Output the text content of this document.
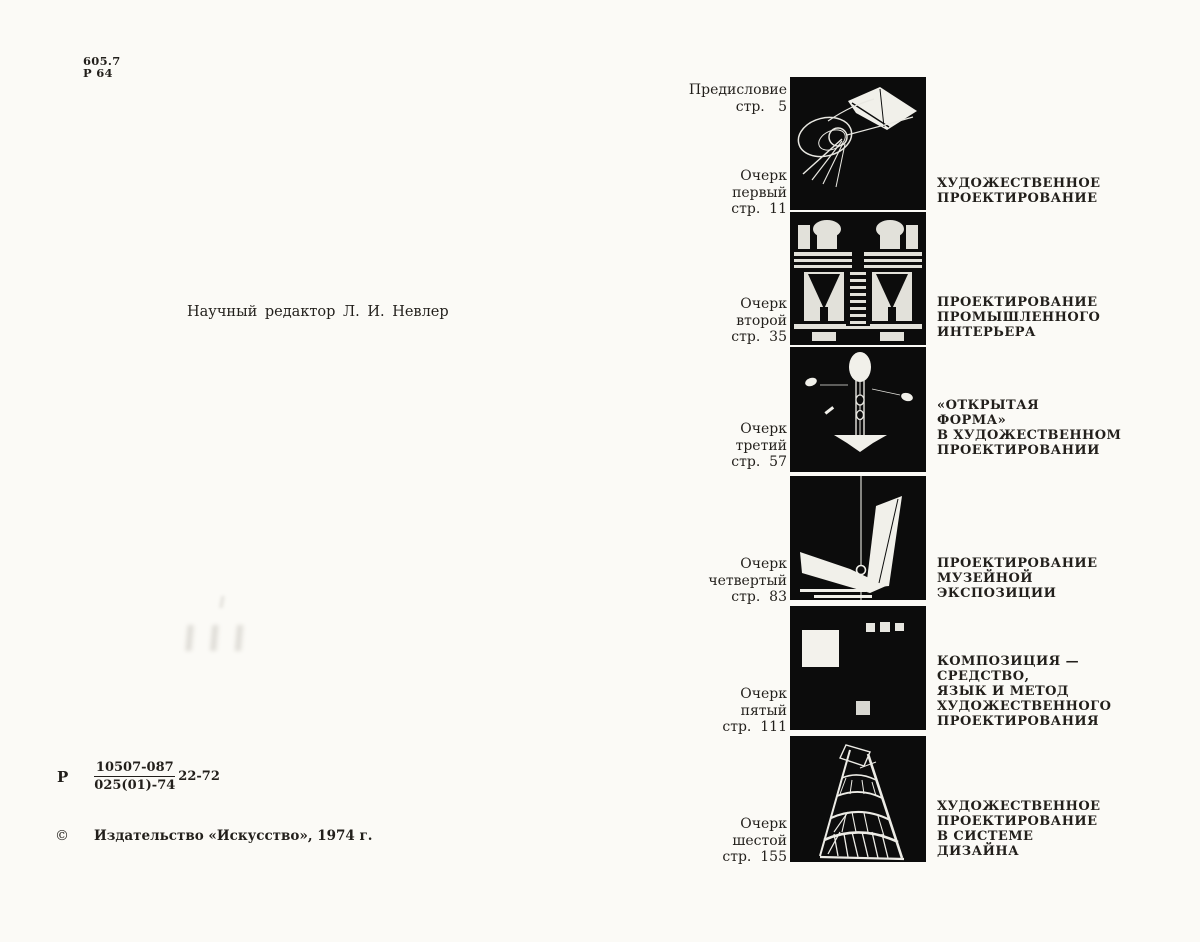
605.7
Р 64
Научный редактор Л. И. Невлер
Р $\frac{10507-087}{025(01)-74} 22-72$
© Издательство «Искусство», 1974 г.
Предисловие
стр.   5
Очерк
первый
стр.  11
Очерк
второй
стр.  35
Очерк
третий
стр.  57
Очерк
четвертый
стр.  83
Очерк
пятый
стр.  111
Очерк
шестой
стр.  155
ХУДОЖЕСТВЕННОЕ
ПРОЕКТИРОВАНИЕ
ПРОЕКТИРОВАНИЕ
ПРОМЫШЛЕННОГО
ИНТЕРЬЕРА
«ОТКРЫТАЯ
ФОРМА»
В ХУДОЖЕСТВЕННОМ
ПРОЕКТИРОВАНИИ
ПРОЕКТИРОВАНИЕ
МУЗЕЙНОЙ
ЭКСПОЗИЦИИ
КОМПОЗИЦИЯ —
СРЕДСТВО,
ЯЗЫК И МЕТОД
ХУДОЖЕСТВЕННОГО
ПРОЕКТИРОВАНИЯ
ХУДОЖЕСТВЕННОЕ
ПРОЕКТИРОВАНИЕ
В СИСТЕМЕ
ДИЗАЙНА
